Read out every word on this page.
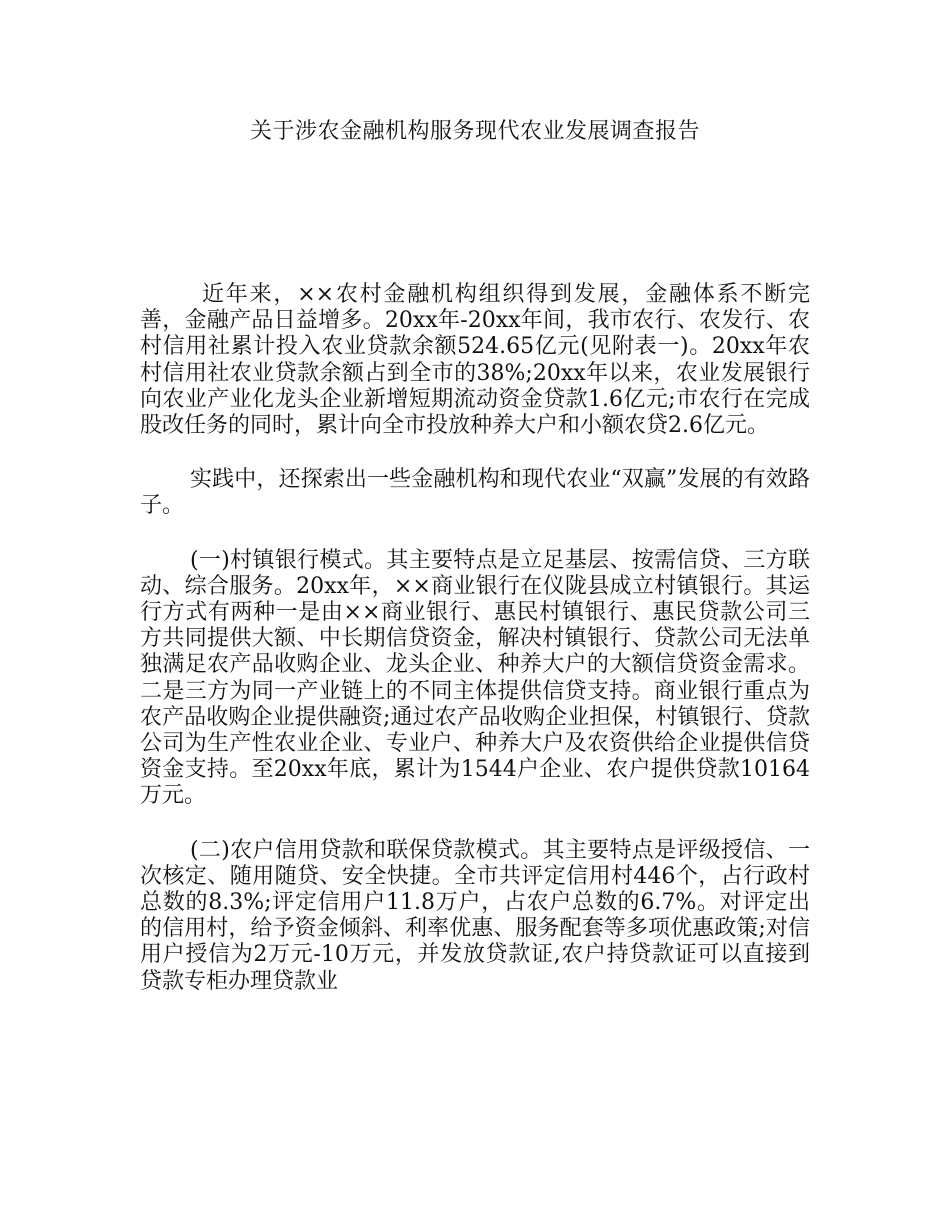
关于涉农金融机构服务现代农业发展调查报告

近年来，××农村金融机构组织得到发展，金融体系不断完善，金融产品日益增多。20xx年-20xx年间，我市农行、农发行、农村信用社累计投入农业贷款余额524.65亿元(见附表一)。20xx年农村信用社农业贷款余额占到全市的38%;20xx年以来，农业发展银行向农业产业化龙头企业新增短期流动资金贷款1.6亿元;市农行在完成股改任务的同时，累计向全市投放种养大户和小额农贷2.6亿元。

实践中，还探索出一些金融机构和现代农业“双赢”发展的有效路子。

(一)村镇银行模式。其主要特点是立足基层、按需信贷、三方联动、综合服务。20xx年，××商业银行在仪陇县成立村镇银行。其运行方式有两种一是由××商业银行、惠民村镇银行、惠民贷款公司三方共同提供大额、中长期信贷资金，解决村镇银行、贷款公司无法单独满足农产品收购企业、龙头企业、种养大户的大额信贷资金需求。二是三方为同一产业链上的不同主体提供信贷支持。商业银行重点为农产品收购企业提供融资;通过农产品收购企业担保，村镇银行、贷款公司为生产性农业企业、专业户、种养大户及农资供给企业提供信贷资金支持。至20xx年底，累计为1544户企业、农户提供贷款10164万元。

(二)农户信用贷款和联保贷款模式。其主要特点是评级授信、一次核定、随用随贷、安全快捷。全市共评定信用村446个，占行政村总数的8.3%;评定信用户11.8万户，占农户总数的6.7%。对评定出的信用村，给予资金倾斜、利率优惠、服务配套等多项优惠政策;对信用户授信为2万元-10万元，并发放贷款证,农户持贷款证可以直接到贷款专柜办理贷款业
